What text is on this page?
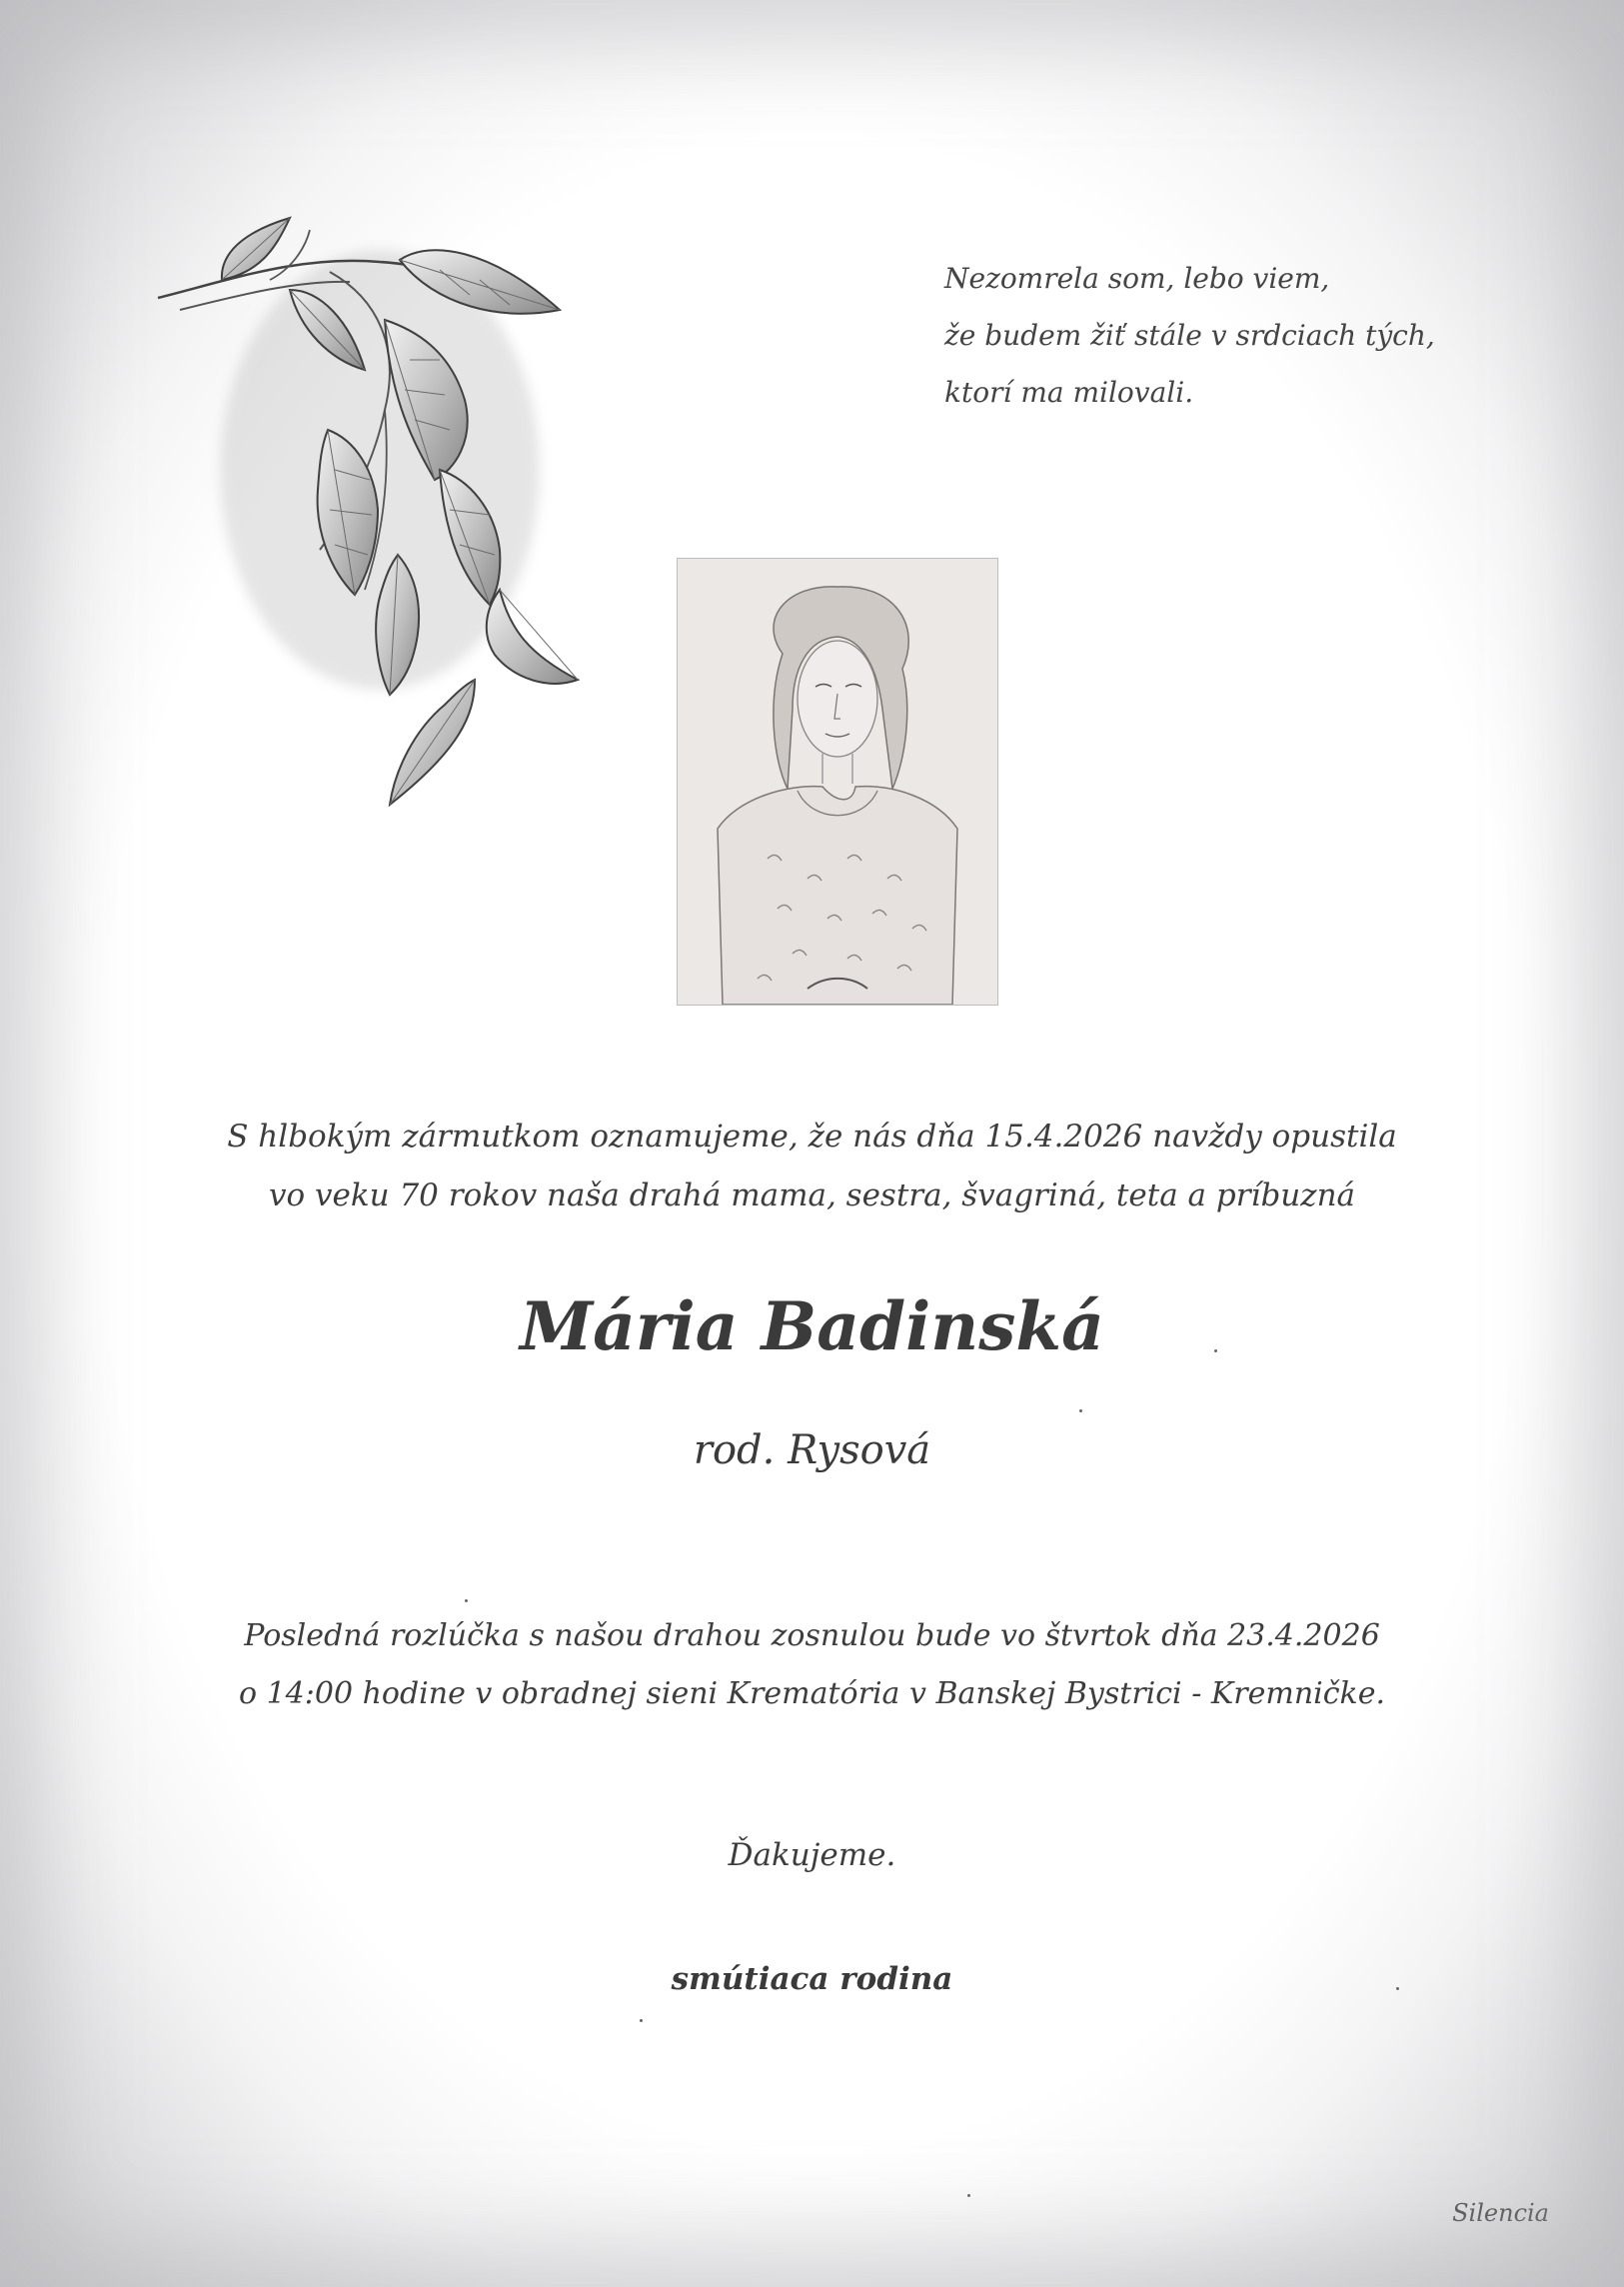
Nezomrela som, lebo viem,
že budem žiť stále v srdciach tých,
ktorí ma milovali.
S hlbokým zármutkom oznamujeme, že nás dňa 15.4.2026 navždy opustila
vo veku 70 rokov naša drahá mama, sestra, švagriná, teta a príbuzná
Mária Badinská
rod. Rysová
Posledná rozlúčka s našou drahou zosnulou bude vo štvrtok dňa 23.4.2026
o 14:00 hodine v obradnej sieni Krematória v Banskej Bystrici - Kremničke.
Ďakujeme.
smútiaca rodina
Silencia
